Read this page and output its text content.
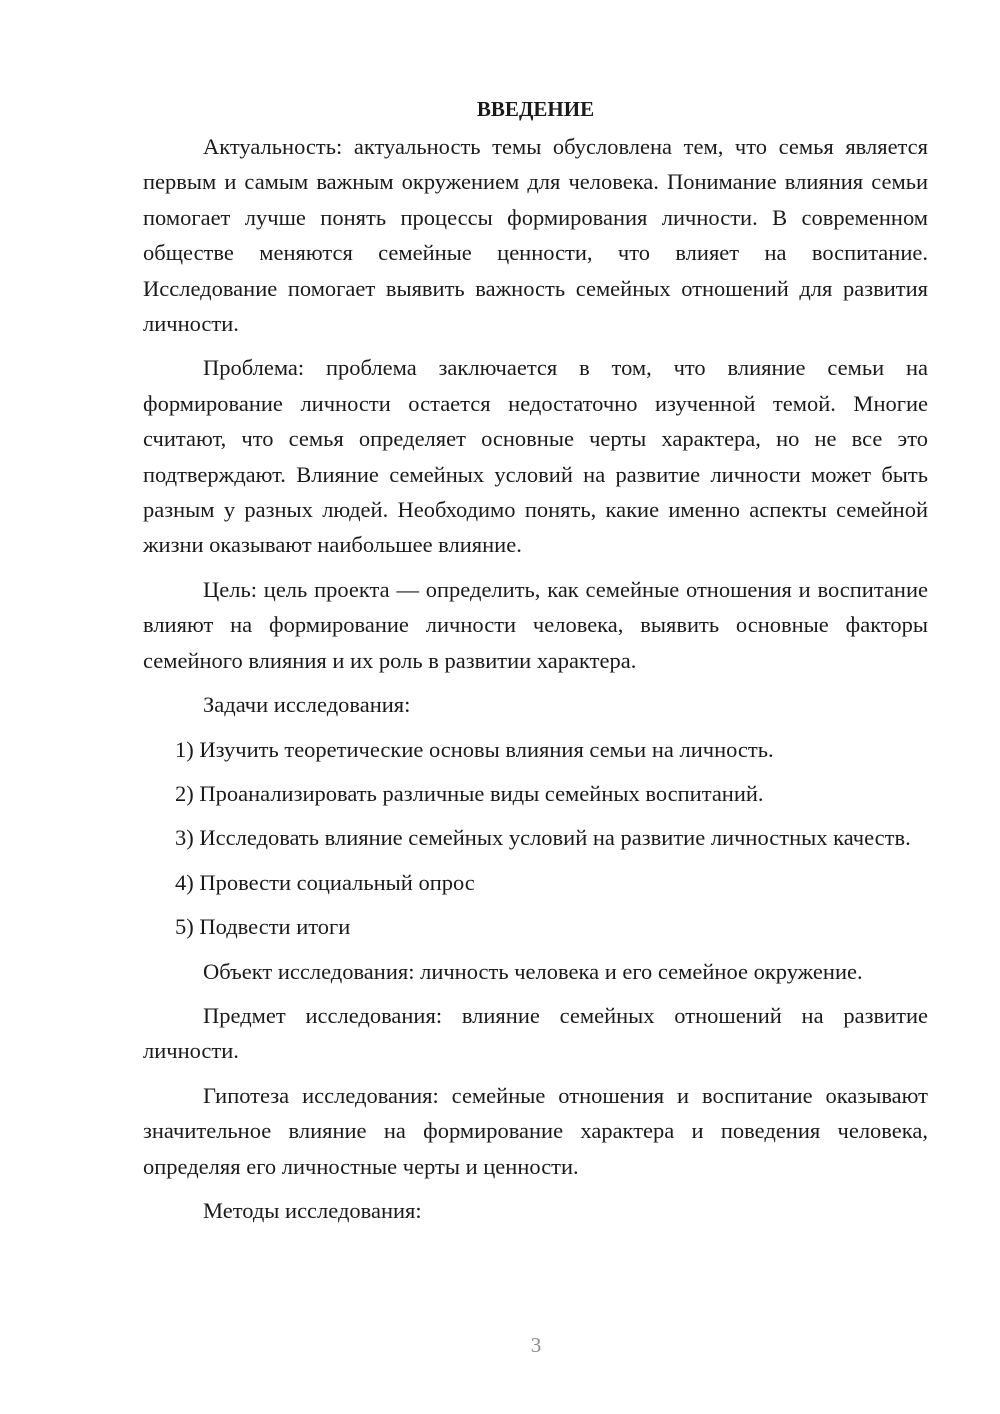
ВВЕДЕНИЕ

Актуальность: актуальность темы обусловлена тем, что семья является первым и самым важным окружением для человека. Понимание влияния семьи помогает лучше понять процессы формирования личности. В современном обществе меняются семейные ценности, что влияет на воспитание. Исследование помогает выявить важность семейных отношений для развития личности.

Проблема: проблема заключается в том, что влияние семьи на формирование личности остается недостаточно изученной темой. Многие считают, что семья определяет основные черты характера, но не все это подтверждают. Влияние семейных условий на развитие личности может быть разным у разных людей. Необходимо понять, какие именно аспекты семейной жизни оказывают наибольшее влияние.

Цель: цель проекта — определить, как семейные отношения и воспитание влияют на формирование личности человека, выявить основные факторы семейного влияния и их роль в развитии характера.

Задачи исследования:

1) Изучить теоретические основы влияния семьи на личность.

2) Проанализировать различные виды семейных воспитаний.

3) Исследовать влияние семейных условий на развитие личностных качеств.

4) Провести социальный опрос

5) Подвести итоги

Объект исследования: личность человека и его семейное окружение.

Предмет исследования: влияние семейных отношений на развитие личности.

Гипотеза исследования: семейные отношения и воспитание оказывают значительное влияние на формирование характера и поведения человека, определяя его личностные черты и ценности.

Методы исследования:

3
